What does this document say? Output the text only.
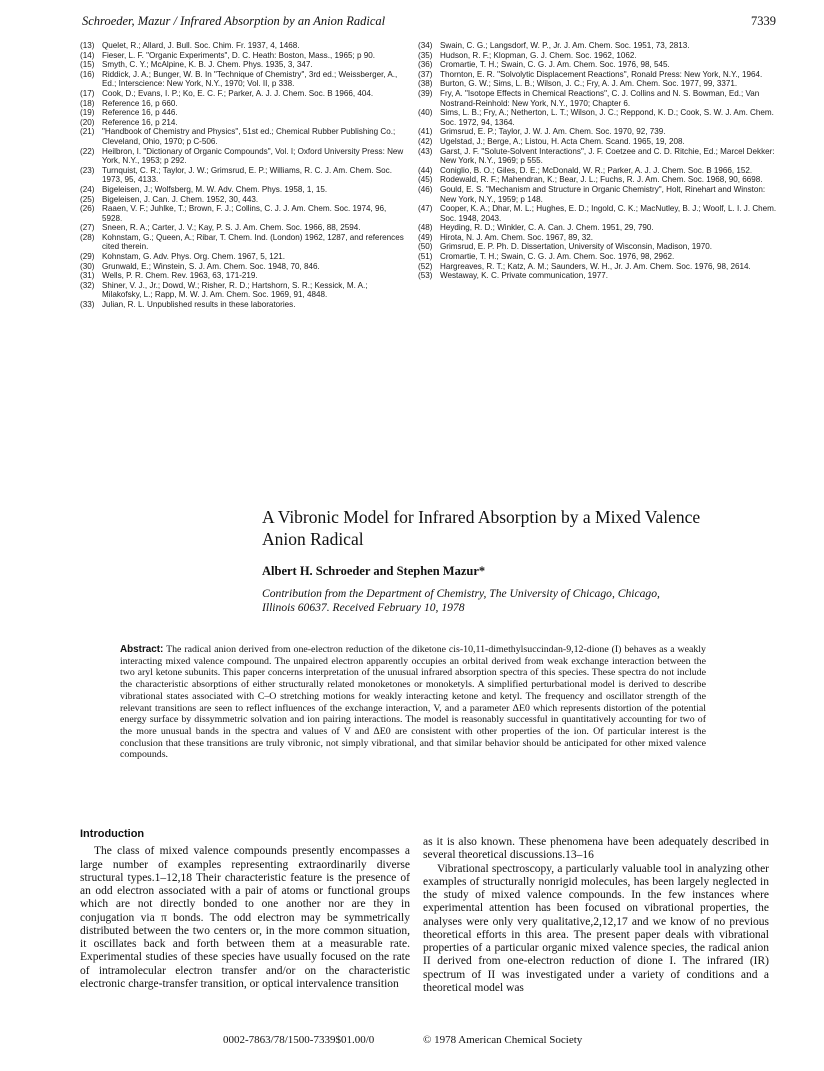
Schroeder, Mazur / Infrared Absorption by an Anion Radical	7339
(13) Quelet, R.; Allard, J. Bull. Soc. Chim. Fr. 1937, 4, 1468.
(14) Fieser, L. F. "Organic Experiments", D. C. Heath: Boston, Mass., 1965; p 90.
(15) Smyth, C. Y.; McAlpine, K. B. J. Chem. Phys. 1935, 3, 347.
(16) Riddick, J. A.; Bunger, W. B. In "Technique of Chemistry", 3rd ed.; Weissberger, A., Ed.; Interscience: New York, N.Y., 1970; Vol. II, p 338.
(17) Cook, D.; Evans, I. P.; Ko, E. C. F.; Parker, A. J. J. Chem. Soc. B 1966, 404.
(18) Reference 16, p 660.
(19) Reference 16, p 446.
(20) Reference 16, p 214.
(21) "Handbook of Chemistry and Physics", 51st ed.; Chemical Rubber Publishing Co.; Cleveland, Ohio, 1970; p C-506.
(22) Heilbron, I. "Dictionary of Organic Compounds", Vol. I; Oxford University Press: New York, N.Y., 1953; p 292.
(23) Turnquist, C. R.; Taylor, J. W.; Grimsrud, E. P.; Williams, R. C. J. Am. Chem. Soc. 1973, 95, 4133.
(24) Bigeleisen, J.; Wolfsberg, M. W. Adv. Chem. Phys. 1958, 1, 15.
(25) Bigeleisen, J. Can. J. Chem. 1952, 30, 443.
(26) Raaen, V. F.; Juhlke, T.; Brown, F. J.; Collins, C. J. J. Am. Chem. Soc. 1974, 96, 5928.
(27) Sneen, R. A.; Carter, J. V.; Kay, P. S. J. Am. Chem. Soc. 1966, 88, 2594.
(28) Kohnstam, G.; Queen, A.; Ribar, T. Chem. Ind. (London) 1962, 1287, and references cited therein.
(29) Kohnstam, G. Adv. Phys. Org. Chem. 1967, 5, 121.
(30) Grunwald, E.; Winstein, S. J. Am. Chem. Soc. 1948, 70, 846.
(31) Wells, P. R. Chem. Rev. 1963, 63, 171-219.
(32) Shiner, V. J., Jr.; Dowd, W.; Risher, R. D.; Hartshorn, S. R.; Kessick, M. A.; Milakofsky, L.; Rapp, M. W. J. Am. Chem. Soc. 1969, 91, 4848.
(33) Julian, R. L. Unpublished results in these laboratories.
(34) Swain, C. G.; Langsdorf, W. P., Jr. J. Am. Chem. Soc. 1951, 73, 2813.
(35) Hudson, R. F.; Klopman, G. J. Chem. Soc. 1962, 1062.
(36) Cromartie, T. H.; Swain, C. G. J. Am. Chem. Soc. 1976, 98, 545.
(37) Thornton, E. R. "Solvolytic Displacement Reactions", Ronald Press: New York, N.Y., 1964.
(38) Burton, G. W.; Sims, L. B.; Wilson, J. C.; Fry, A. J. Am. Chem. Soc. 1977, 99, 3371.
(39) Fry, A. "Isotope Effects in Chemical Reactions", C. J. Collins and N. S. Bowman, Ed.; Van Nostrand-Reinhold: New York, N.Y., 1970; Chapter 6.
(40) Sims, L. B.; Fry, A.; Netherton, L. T.; Wilson, J. C.; Reppond, K. D.; Cook, S. W. J. Am. Chem. Soc. 1972, 94, 1364.
(41) Grimsrud, E. P.; Taylor, J. W. J. Am. Chem. Soc. 1970, 92, 739.
(42) Ugelstad, J.; Berge, A.; Listou, H. Acta Chem. Scand. 1965, 19, 208.
(43) Garst, J. F. "Solute-Solvent Interactions", J. F. Coetzee and C. D. Ritchie, Ed.; Marcel Dekker: New York, N.Y., 1969; p 555.
(44) Coniglio, B. O.; Giles, D. E.; McDonald, W. R.; Parker, A. J. J. Chem. Soc. B 1966, 152.
(45) Rodewald, R. F.; Mahendran, K.; Bear, J. L.; Fuchs, R. J. Am. Chem. Soc. 1968, 90, 6698.
(46) Gould, E. S. "Mechanism and Structure in Organic Chemistry", Holt, Rinehart and Winston: New York, N.Y., 1959; p 148.
(47) Cooper, K. A.; Dhar, M. L.; Hughes, E. D.; Ingold, C. K.; MacNutley, B. J.; Woolf, L. I. J. Chem. Soc. 1948, 2043.
(48) Heyding, R. D.; Winkler, C. A. Can. J. Chem. 1951, 29, 790.
(49) Hirota, N. J. Am. Chem. Soc. 1967, 89, 32.
(50) Grimsrud, E. P. Ph. D. Dissertation, University of Wisconsin, Madison, 1970.
(51) Cromartie, T. H.; Swain, C. G. J. Am. Chem. Soc. 1976, 98, 2962.
(52) Hargreaves, R. T.; Katz, A. M.; Saunders, W. H., Jr. J. Am. Chem. Soc. 1976, 98, 2614.
(53) Westaway, K. C. Private communication, 1977.
A Vibronic Model for Infrared Absorption by a Mixed Valence Anion Radical

Albert H. Schroeder and Stephen Mazur*

Contribution from the Department of Chemistry, The University of Chicago, Chicago, Illinois 60637. Received February 10, 1978

Abstract: The radical anion derived from one-electron reduction of the diketone cis-10,11-dimethylsuccindan-9,12-dione (I) behaves as a weakly interacting mixed valence compound. The unpaired electron apparently occupies an orbital derived from weak exchange interaction between the two aryl ketone subunits. This paper concerns interpretation of the unusual infrared absorption spectra of this species. These spectra do not include the characteristic absorptions of either structurally related monoketones or monoketyls. A simplified perturbational model is derived to describe vibrational states associated with C–O stretching motions for weakly interacting ketone and ketyl. The frequency and oscillator strength of the relevant transitions are seen to reflect influences of the exchange interaction, V, and a parameter ΔE0 which represents distortion of the potential energy surface by dissymmetric solvation and ion pairing interactions. The model is reasonably successful in quantitatively accounting for two of the more unusual bands in the spectra and values of V and ΔE0 are consistent with other properties of the ion. Of particular interest is the conclusion that these transitions are truly vibronic, not simply vibrational, and that similar behavior should be anticipated for other mixed valence compounds.

Introduction

The class of mixed valence compounds presently encompasses a large number of examples representing extraordinarily diverse structural types.1–12,18 Their characteristic feature is the presence of an odd electron associated with a pair of atoms or functional groups which are not directly bonded to one another nor are they in conjugation via π bonds. The odd electron may be symmetrically distributed between the two centers or, in the more common situation, it oscillates back and forth between them at a measurable rate. Experimental studies of these species have usually focused on the rate of intramolecular electron transfer and/or on the characteristic electronic charge-transfer transition, or optical intervalence transition

as it is also known. These phenomena have been adequately described in several theoretical discussions.13–16

Vibrational spectroscopy, a particularly valuable tool in analyzing other examples of structurally nonrigid molecules, has been largely neglected in the study of mixed valence compounds. In the few instances where experimental attention has been focused on vibrational properties, the analyses were only very qualitative,2,12,17 and we know of no previous theoretical efforts in this area. The present paper deals with vibrational properties of a particular organic mixed valence species, the radical anion II derived from one-electron reduction of dione I. The infrared (IR) spectrum of II was investigated under a variety of conditions and a theoretical model was

0002-7863/78/1500-7339$01.00/0	© 1978 American Chemical Society
